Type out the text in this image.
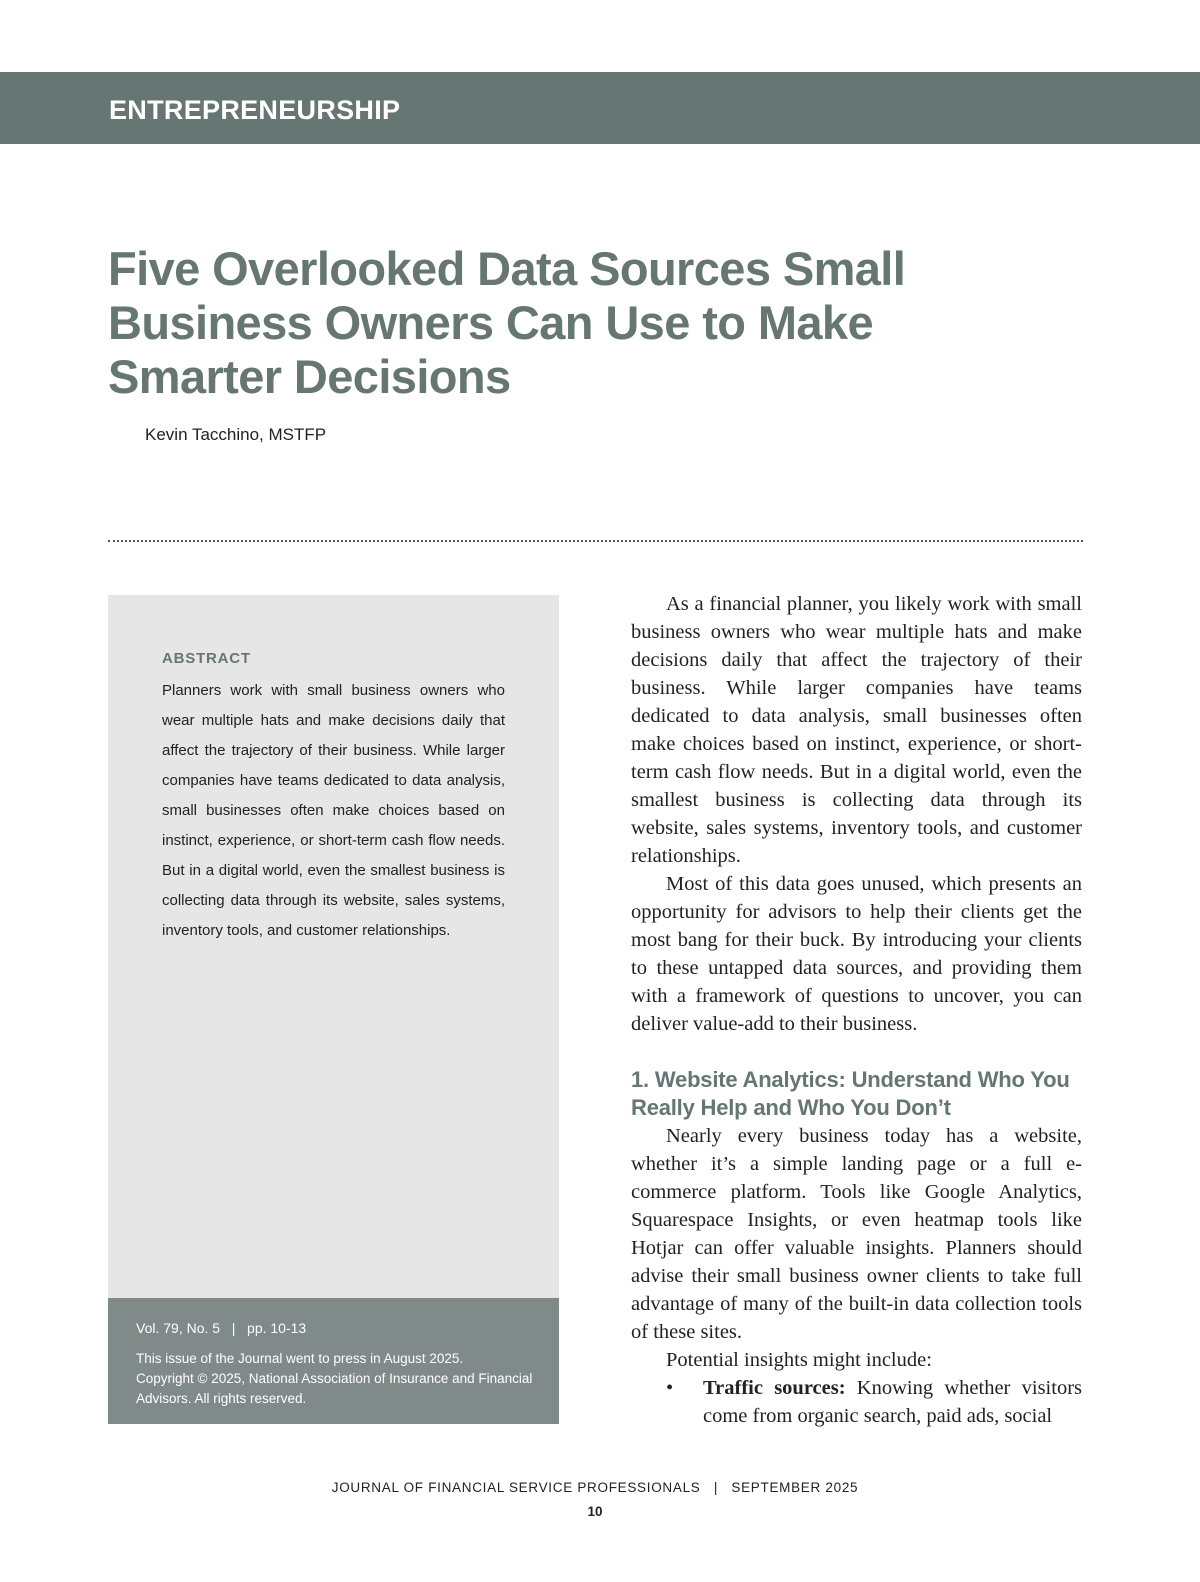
ENTREPRENEURSHIP
Five Overlooked Data Sources Small Business Owners Can Use to Make Smarter Decisions
Kevin Tacchino, MSTFP
ABSTRACT

Planners work with small business owners who wear multiple hats and make decisions daily that affect the trajectory of their business. While larger companies have teams dedicated to data analysis, small businesses often make choices based on instinct, experience, or short-term cash flow needs. But in a digital world, even the smallest business is collecting data through its website, sales systems, inventory tools, and customer relationships.

Vol. 79, No. 5   |   pp. 10-13
This issue of the Journal went to press in August 2025.
Copyright © 2025, National Association of Insurance and Financial Advisors. All rights reserved.

As a financial planner, you likely work with small business owners who wear multiple hats and make decisions daily that affect the trajectory of their business. While larger companies have teams dedicated to data analysis, small businesses often make choices based on instinct, experience, or short-term cash flow needs. But in a digital world, even the smallest business is collecting data through its website, sales systems, inventory tools, and customer relationships.

Most of this data goes unused, which presents an opportunity for advisors to help their clients get the most bang for their buck. By introducing your clients to these untapped data sources, and providing them with a framework of questions to uncover, you can deliver value-add to their business.

1. Website Analytics: Understand Who You Really Help and Who You Don’t

Nearly every business today has a website, whether it’s a simple landing page or a full e-commerce platform. Tools like Google Analytics, Squarespace Insights, or even heatmap tools like Hotjar can offer valuable insights. Planners should advise their small business owner clients to take full advantage of many of the built-in data collection tools of these sites.

Potential insights might include:

• Traffic sources: Knowing whether visitors come from organic search, paid ads, social
JOURNAL OF FINANCIAL SERVICE PROFESSIONALS   |   SEPTEMBER 2025
10
